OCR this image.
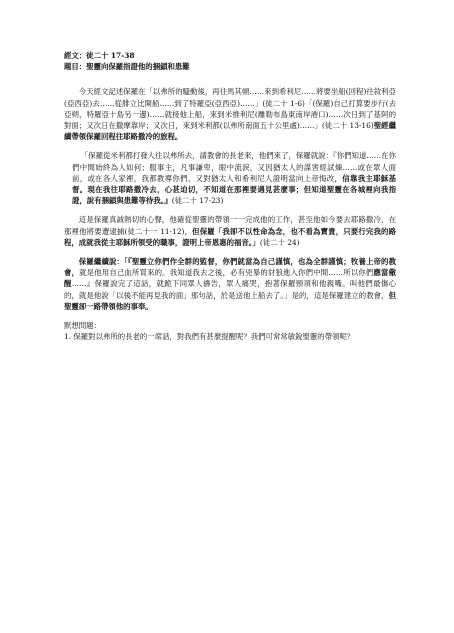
經文：徒二十 17-38

題目：聖靈向保羅指證他的捆鎖和患難

今天經文記述保羅在「以弗所的騷動後，再往馬其頓……來到希利尼……將要坐船(回程)往敘利亞(亞西亞)去……從腓立比開船……到了特羅亞(亞西亞)……」(徒二十 1-6)「(保羅)自己打算要步行(去亞朔，特羅亞十島另一邊)……就接他上船，來到米推利尼(離勒布島東南岸港口)……次日到了基阿的對面；又次日在撒摩靠岸；又次日，來到米利都(以弗所南面五十公里處)……」(徒二十 13-16)聖經繼續帶領保羅回程往耶路撒冷的旅程。

「保羅從米利都打發人往以弗所去，請教會的長老來，他們來了，保羅就說：『你們知道……在你們中間始終為人如何；服事主，凡事謙卑，眼中流淚，又因猶太人的謀害經試煉……或在眾人面前，或在各人家裡，我都教導你們，又對猶太人和希利尼人證明當向上帝悔改，信靠我主耶穌基督。現在我往耶路撒冷去，心甚迫切，不知道在那裡要遇見甚麼事；但知道聖靈在各城裡向我指證，說有捆鎖與患難等待我。』(徒二十 17-23)

這是保羅真誠熱切的心聲，他確從聖靈的帶領一一完成他的工作，甚至他如今要去耶路撒冷，在那裡他將要遭逮捕(徒二十一 11-12)，但保羅「我卻不以性命為念，也不看為寶貴，只要行完我的路程，成就我從主耶穌所領受的職事，證明上帝恩惠的福音。」(徒二十 24)

保羅繼續說：「『聖靈立你們作全群的監督，你們就當為自己謹慎，也為全群謹慎；牧養上帝的教會，就是他用自己血所買來的。我知道我去之後，必有兇暴的豺狼進入你們中間……所以你們應當儆醒……』保羅說完了這話，就跪下同眾人禱告，眾人痛哭，抱著保羅頸項和他親嘴。叫他們最傷心的，就是他說「以後不能再見我的面」那句話，於是送他上船去了。」是的，這是保羅建立的教會，但聖靈卻一路帶領他的事奉。

默想問題：

1. 保羅對以弗所的長老的一席話，對我們有甚麼提醒呢？我們可常常敏銳聖靈的帶領呢？
